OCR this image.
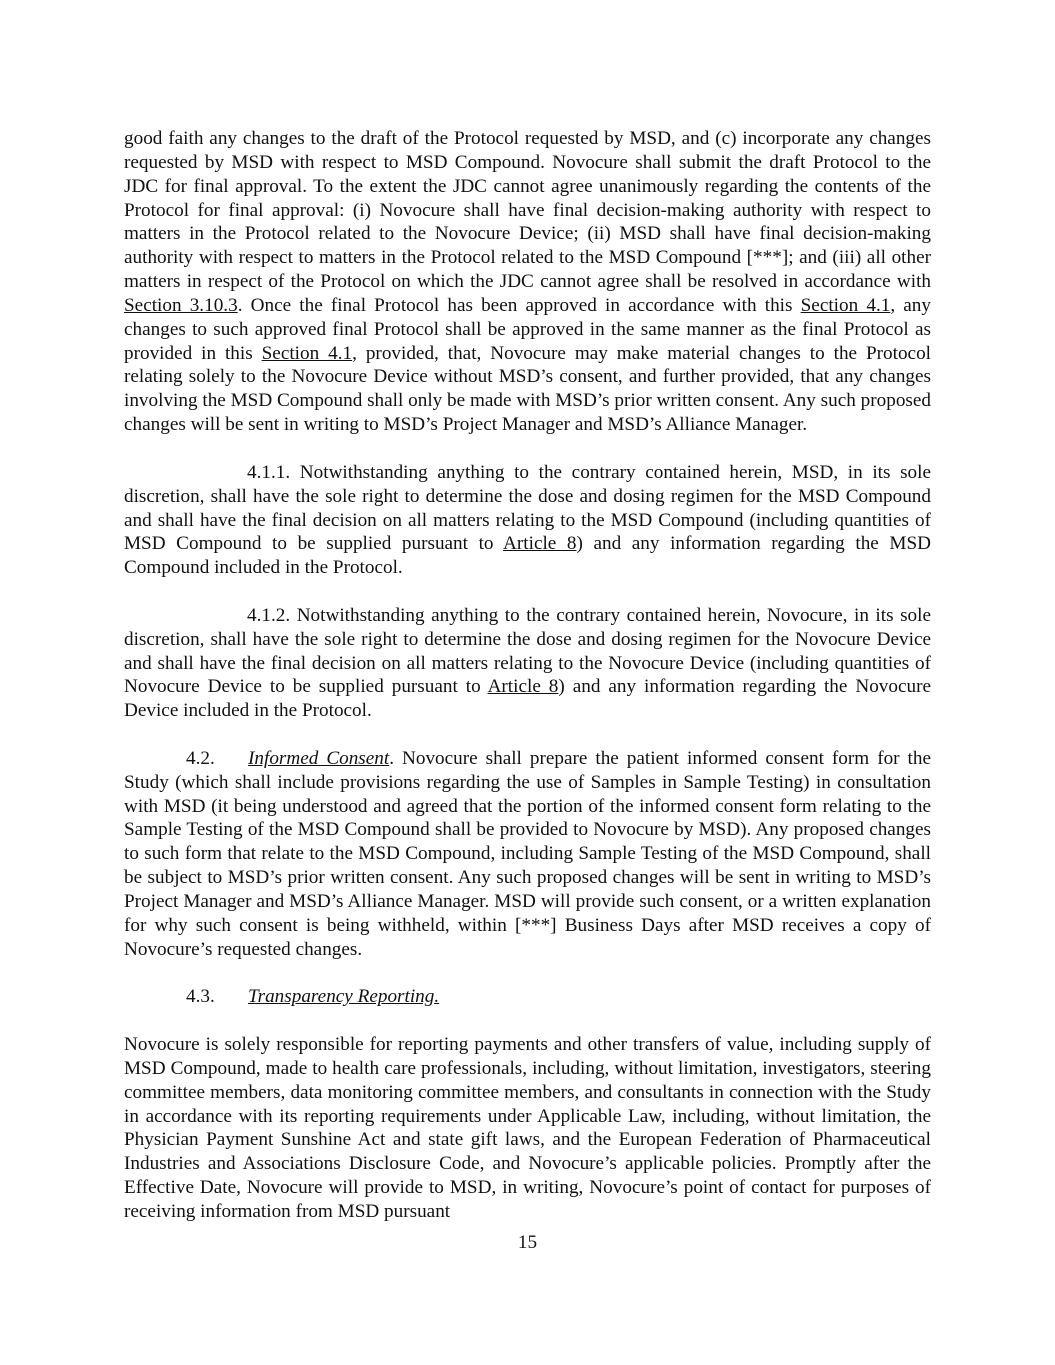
good faith any changes to the draft of the Protocol requested by MSD, and (c) incorporate any changes requested by MSD with respect to MSD Compound. Novocure shall submit the draft Protocol to the JDC for final approval. To the extent the JDC cannot agree unanimously regarding the contents of the Protocol for final approval: (i) Novocure shall have final decision-making authority with respect to matters in the Protocol related to the Novocure Device; (ii) MSD shall have final decision-making authority with respect to matters in the Protocol related to the MSD Compound [***]; and (iii) all other matters in respect of the Protocol on which the JDC cannot agree shall be resolved in accordance with Section 3.10.3. Once the final Protocol has been approved in accordance with this Section 4.1, any changes to such approved final Protocol shall be approved in the same manner as the final Protocol as provided in this Section 4.1, provided, that, Novocure may make material changes to the Protocol relating solely to the Novocure Device without MSD’s consent, and further provided, that any changes involving the MSD Compound shall only be made with MSD’s prior written consent. Any such proposed changes will be sent in writing to MSD’s Project Manager and MSD’s Alliance Manager.

4.1.1. Notwithstanding anything to the contrary contained herein, MSD, in its sole discretion, shall have the sole right to determine the dose and dosing regimen for the MSD Compound and shall have the final decision on all matters relating to the MSD Compound (including quantities of MSD Compound to be supplied pursuant to Article 8) and any information regarding the MSD Compound included in the Protocol.

4.1.2. Notwithstanding anything to the contrary contained herein, Novocure, in its sole discretion, shall have the sole right to determine the dose and dosing regimen for the Novocure Device and shall have the final decision on all matters relating to the Novocure Device (including quantities of Novocure Device to be supplied pursuant to Article 8) and any information regarding the Novocure Device included in the Protocol.

4.2. Informed Consent. Novocure shall prepare the patient informed consent form for the Study (which shall include provisions regarding the use of Samples in Sample Testing) in consultation with MSD (it being understood and agreed that the portion of the informed consent form relating to the Sample Testing of the MSD Compound shall be provided to Novocure by MSD). Any proposed changes to such form that relate to the MSD Compound, including Sample Testing of the MSD Compound, shall be subject to MSD’s prior written consent. Any such proposed changes will be sent in writing to MSD’s Project Manager and MSD’s Alliance Manager. MSD will provide such consent, or a written explanation for why such consent is being withheld, within [***] Business Days after MSD receives a copy of Novocure’s requested changes.

4.3. Transparency Reporting.

Novocure is solely responsible for reporting payments and other transfers of value, including supply of MSD Compound, made to health care professionals, including, without limitation, investigators, steering committee members, data monitoring committee members, and consultants in connection with the Study in accordance with its reporting requirements under Applicable Law, including, without limitation, the Physician Payment Sunshine Act and state gift laws, and the European Federation of Pharmaceutical Industries and Associations Disclosure Code, and Novocure’s applicable policies. Promptly after the Effective Date, Novocure will provide to MSD, in writing, Novocure’s point of contact for purposes of receiving information from MSD pursuant

15
